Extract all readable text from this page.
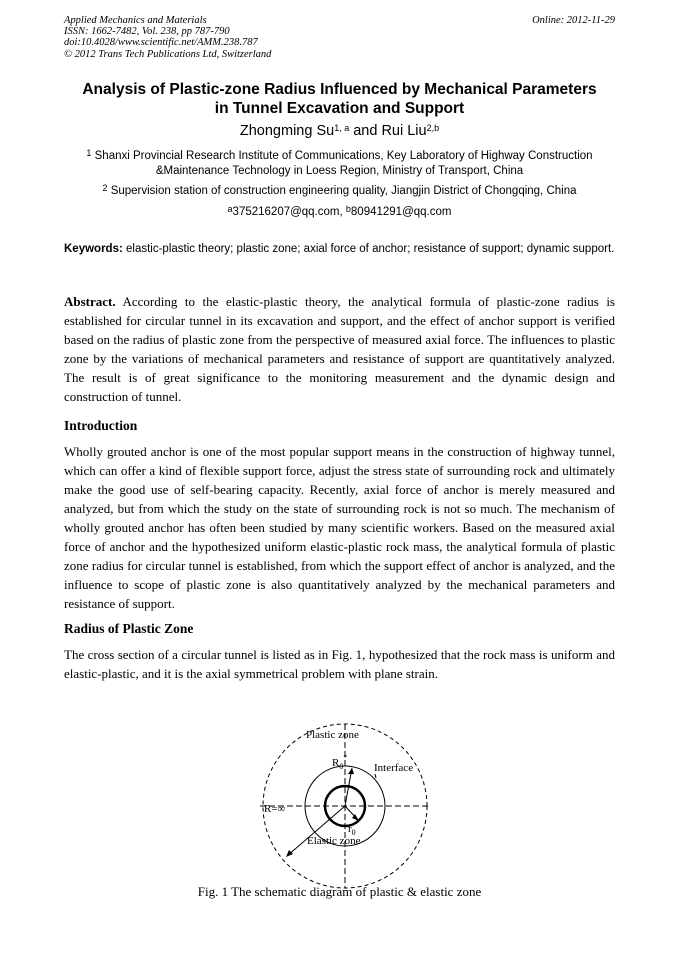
Applied Mechanics and Materials
ISSN: 1662-7482, Vol. 238, pp 787-790
doi:10.4028/www.scientific.net/AMM.238.787
© 2012 Trans Tech Publications Ltd, Switzerland
Online: 2012-11-29
Analysis of Plastic-zone Radius Influenced by Mechanical Parameters
in Tunnel Excavation and Support
Zhongming Su$^{1, a}$ and Rui Liu$^{2,b}$
$^1$ Shanxi Provincial Research Institute of Communications, Key Laboratory of Highway Construction
&Maintenance Technology in Loess Region, Ministry of Transport, China
$^2$ Supervision station of construction engineering quality, Jiangjin District of Chongqing, China
$^a$375216207@qq.com, $^b$80941291@qq.com
Keywords: elastic-plastic theory; plastic zone; axial force of anchor; resistance of support; dynamic support.
Abstract. According to the elastic-plastic theory, the analytical formula of plastic-zone radius is established for circular tunnel in its excavation and support, and the effect of anchor support is verified based on the radius of plastic zone from the perspective of measured axial force. The influences to plastic zone by the variations of mechanical parameters and resistance of support are quantitatively analyzed. The result is of great significance to the monitoring measurement and the dynamic design and construction of tunnel.
Introduction
Wholly grouted anchor is one of the most popular support means in the construction of highway tunnel, which can offer a kind of flexible support force, adjust the stress state of surrounding rock and ultimately make the good use of self-bearing capacity. Recently, axial force of anchor is merely measured and analyzed, but from which the study on the state of surrounding rock is not so much. The mechanism of wholly grouted anchor has often been studied by many scientific workers. Based on the measured axial force of anchor and the hypothesized uniform elastic-plastic rock mass, the analytical formula of plastic zone radius for circular tunnel is established, from which the support effect of anchor is analyzed, and the influence to scope of plastic zone is also quantitatively analyzed by the mechanical parameters and resistance of support.
Radius of Plastic Zone
The cross section of a circular tunnel is listed as in Fig. 1, hypothesized that the rock mass is uniform and elastic-plastic, and it is the axial symmetrical problem with plane strain.
Plastic zone
Interface
$R_0^*$
$r_0$
R=∞
Elastic zone
Fig. 1 The schematic diagram of plastic & elastic zone
